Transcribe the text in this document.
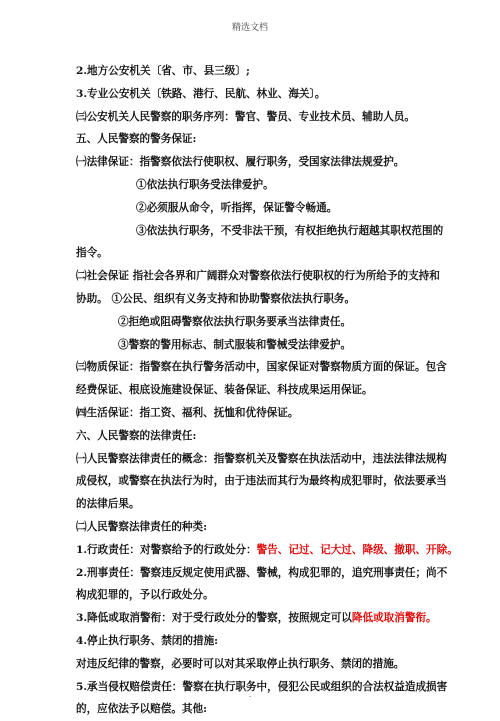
精选文档
2.地方公安机关〔省、市、县三级〕;
3.专业公安机关〔铁路、港行、民航、林业、海关〕。
㈢公安机关人民警察的职务序列：警官、警员、专业技术员、辅助人员。
五、人民警察的警务保证:
㈠法律保证：指警察依法行使职权、履行职务，受国家法律法规爱护。
①依法执行职务受法律爱护。
②必须服从命令，听指挥，保证警令畅通。
③依法执行职务，不受非法干预，有权拒绝执行超越其职权范围的
指令。
㈡社会保证 指社会各界和广阔群众对警察依法行使职权的行为所给予的支持和
协助。 ①公民、组织有义务支持和协助警察依法执行职务。
②拒绝或阻碍警察依法执行职务要承当法律责任。
③警察的警用标志、制式服装和警械受法律爱护。
㈢物质保证：指警察在执行警务活动中，国家保证对警察物质方面的保证。包含
经费保证、根底设施建设保证、装备保证、科技成果运用保证。
㈣生活保证：指工资、福利、抚恤和优待保证。
六、人民警察的法律责任:
㈠人民警察法律责任的概念：指警察机关及警察在执法活动中，违法法律法规构
成侵权，或警察在执法行为时，由于违法而其行为最终构成犯罪时，依法要承当
的法律后果。
㈡人民警察法律责任的种类:
1.行政责任：对警察给予的行政处分：警告、记过、记大过、降级、撤职、开除。
2.刑事责任：警察违反规定使用武器、警械，构成犯罪的，追究刑事责任；尚不
构成犯罪的，予以行政处分。
3.降低或取消警衔：对于受行政处分的警察，按照规定可以降低或取消警衔。
4.停止执行职务、禁闭的措施:
对违反纪律的警察，必要时可以对其采取停止执行职务、禁闭的措施。
5.承当侵权赔偿责任：警察在执行职务中，侵犯公民或组织的合法权益造成损害
的，应依法予以赔偿。其他:
.
